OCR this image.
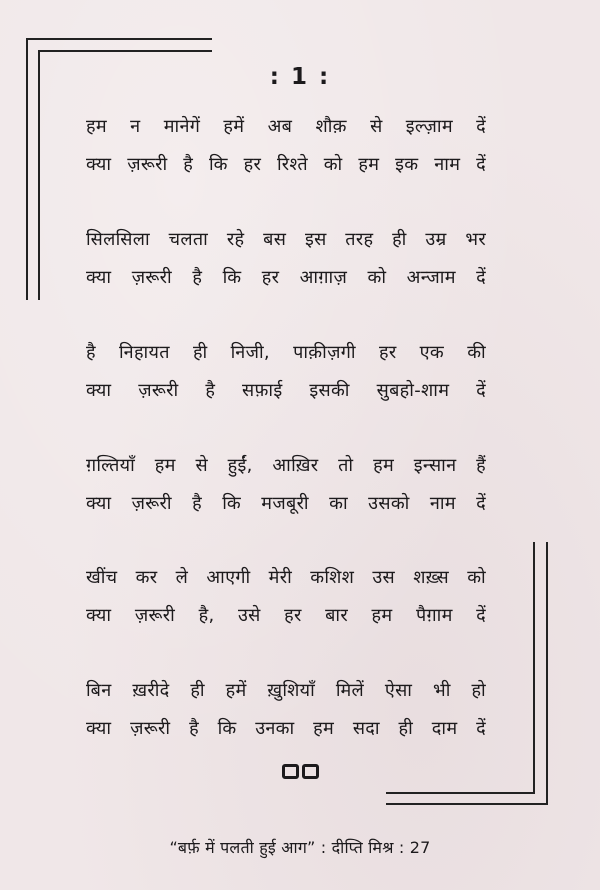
: 1 :
हम न मानेगें हमें अब शौक़ से इल्ज़ाम दें
क्या ज़रूरी है कि हर रिश्ते को हम इक नाम दें
सिलसिला चलता रहे बस इस तरह ही उम्र भर
क्या ज़रूरी है कि हर आग़ाज़ को अन्जाम दें
है निहायत ही निजी, पाक़ीज़गी हर एक की
क्या ज़रूरी है सफ़ाई इसकी सुबहो-शाम दें
ग़ल्तियाँ हम से हुईं, आख़िर तो हम इन्सान हैं
क्या ज़रूरी है कि मजबूरी का उसको नाम दें
खींच कर ले आएगी मेरी कशिश उस शख़्स को
क्या ज़रूरी है, उसे हर बार हम पैग़ाम दें
बिन ख़रीदे ही हमें ख़ुशियाँ मिलें ऐसा भी हो
क्या ज़रूरी है कि उनका हम सदा ही दाम दें
“बर्फ़ में पलती हुई आग” : दीप्ति मिश्र : 27
